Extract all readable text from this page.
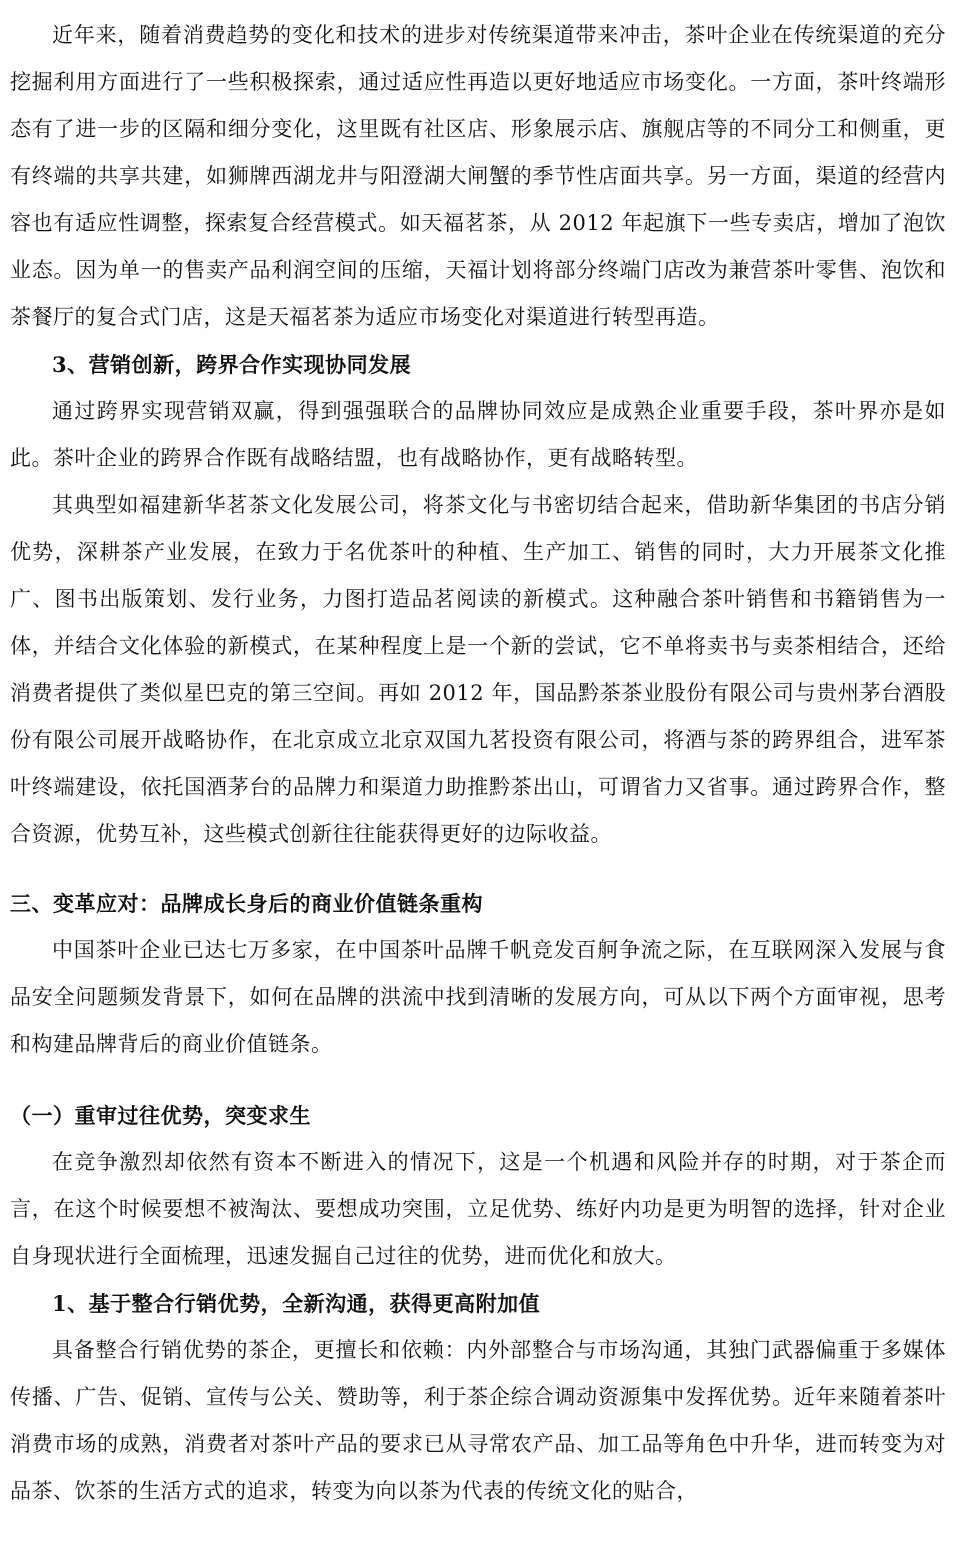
近年来，随着消费趋势的变化和技术的进步对传统渠道带来冲击，茶叶企业在传统渠道的充分挖掘利用方面进行了一些积极探索，通过适应性再造以更好地适应市场变化。一方面，茶叶终端形态有了进一步的区隔和细分变化，这里既有社区店、形象展示店、旗舰店等的不同分工和侧重，更有终端的共享共建，如狮牌西湖龙井与阳澄湖大闸蟹的季节性店面共享。另一方面，渠道的经营内容也有适应性调整，探索复合经营模式。如天福茗茶，从 2012 年起旗下一些专卖店，增加了泡饮业态。因为单一的售卖产品利润空间的压缩，天福计划将部分终端门店改为兼营茶叶零售、泡饮和茶餐厅的复合式门店，这是天福茗茶为适应市场变化对渠道进行转型再造。

3、营销创新，跨界合作实现协同发展

通过跨界实现营销双赢，得到强强联合的品牌协同效应是成熟企业重要手段，茶叶界亦是如此。茶叶企业的跨界合作既有战略结盟，也有战略协作，更有战略转型。

其典型如福建新华茗茶文化发展公司，将茶文化与书密切结合起来，借助新华集团的书店分销优势，深耕茶产业发展，在致力于名优茶叶的种植、生产加工、销售的同时，大力开展茶文化推广、图书出版策划、发行业务，力图打造品茗阅读的新模式。这种融合茶叶销售和书籍销售为一体，并结合文化体验的新模式，在某种程度上是一个新的尝试，它不单将卖书与卖茶相结合，还给消费者提供了类似星巴克的第三空间。再如 2012 年，国品黔茶茶业股份有限公司与贵州茅台酒股份有限公司展开战略协作，在北京成立北京双国九茗投资有限公司，将酒与茶的跨界组合，进军茶叶终端建设，依托国酒茅台的品牌力和渠道力助推黔茶出山，可谓省力又省事。通过跨界合作，整合资源，优势互补，这些模式创新往往能获得更好的边际收益。

三、变革应对：品牌成长身后的商业价值链条重构

中国茶叶企业已达七万多家，在中国茶叶品牌千帆竞发百舸争流之际，在互联网深入发展与食品安全问题频发背景下，如何在品牌的洪流中找到清晰的发展方向，可从以下两个方面审视，思考和构建品牌背后的商业价值链条。

（一）重审过往优势，突变求生

在竞争激烈却依然有资本不断进入的情况下，这是一个机遇和风险并存的时期，对于茶企而言，在这个时候要想不被淘汰、要想成功突围，立足优势、练好内功是更为明智的选择，针对企业自身现状进行全面梳理，迅速发掘自己过往的优势，进而优化和放大。

1、基于整合行销优势，全新沟通，获得更高附加值

具备整合行销优势的茶企，更擅长和依赖：内外部整合与市场沟通，其独门武器偏重于多媒体传播、广告、促销、宣传与公关、赞助等，利于茶企综合调动资源集中发挥优势。近年来随着茶叶消费市场的成熟，消费者对茶叶产品的要求已从寻常农产品、加工品等角色中升华，进而转变为对品茶、饮茶的生活方式的追求，转变为向以茶为代表的传统文化的贴合，
